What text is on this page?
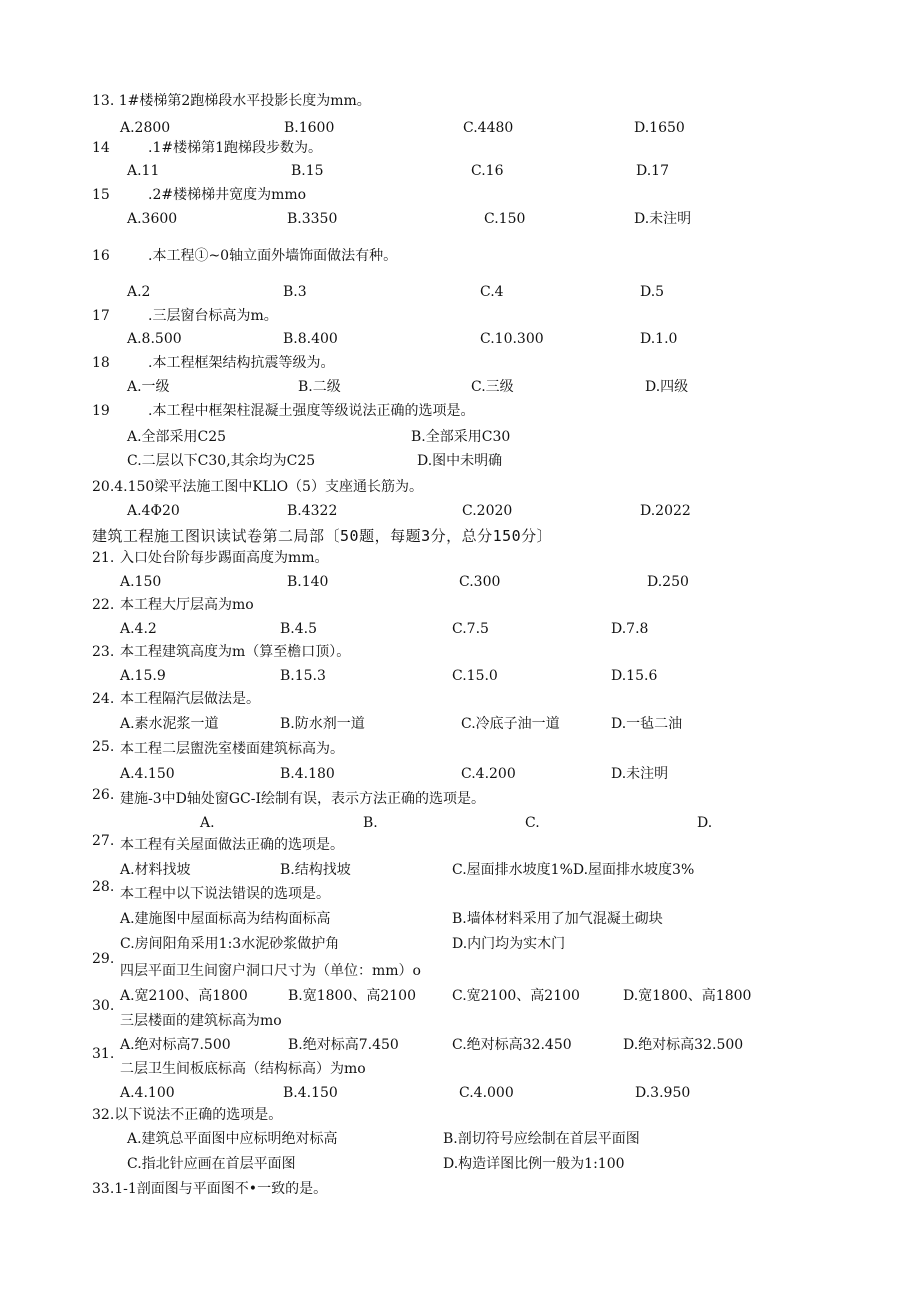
13. 1#楼梯第2跑梯段水平投影长度为mm。
A.2800	B.1600	C.4480	D.1650
14	.1#楼梯第1跑梯段步数为。
A.11	B.15	C.16	D.17
15	.2#楼梯梯井宽度为mmo
A.3600	B.3350	C.150	D.未注明
16	.本工程①~0轴立面外墙饰面做法有种。
A.2	B.3	C.4	D.5
17	.三层窗台标高为m。
A.8.500	B.8.400	C.10.300	D.1.0
18	.本工程框架结构抗震等级为。
A.一级	B.二级	C.三级	D.四级
19	.本工程中框架柱混凝土强度等级说法正确的选项是。
A.全部采用C25	B.全部采用C30
C.二层以下C30,其余均为C25	D.图中未明确
20.4.150梁平法施工图中KLlO（5）支座通长筋为。
A.4Φ20	B.4322	C.2020	D.2022
建筑工程施工图识读试卷第二局部〔50题，每题3分，总分150分〕
21. 入口处台阶每步踢面高度为mm。
A.150	B.140	C.300	D.250
22. 本工程大厅层高为mo
A.4.2	B.4.5	C.7.5	D.7.8
23. 本工程建筑高度为m（算至檐口顶）。
A.15.9	B.15.3	C.15.0	D.15.6
24. 本工程隔汽层做法是。
A.素水泥浆一道	B.防水剂一道	C.冷底子油一道	D.一毡二油
25. 本工程二层盥洗室楼面建筑标高为。
A.4.150	B.4.180	C.4.200	D.未注明
26. 建施-3中D轴处窗GC-I绘制有误，表示方法正确的选项是。
A.	B.	C.	D.
27. 本工程有关屋面做法正确的选项是。
A.材料找坡	B.结构找坡	C.屋面排水坡度1%D.屋面排水坡度3%
28. 本工程中以下说法错误的选项是。
A.建施图中屋面标高为结构面标高	B.墙体材料采用了加气混凝土砌块
C.房间阳角采用1:3水泥砂浆做护角	D.内门均为实木门
29.
四层平面卫生间窗户洞口尺寸为（单位：mm）o
A.宽2100、高1800	B.宽1800、高2100	C.宽2100、高2100	D.宽1800、高1800
30.
三层楼面的建筑标高为mo
A.绝对标高7.500	B.绝对标高7.450	C.绝对标高32.450	D.绝对标高32.500
31.
二层卫生间板底标高（结构标高）为mo
A.4.100	B.4.150	C.4.000	D.3.950
32.以下说法不正确的选项是。
A.建筑总平面图中应标明绝对标高	B.剖切符号应绘制在首层平面图
C.指北针应画在首层平面图	D.构造详图比例一般为1:100
33.1-1剖面图与平面图不•一致的是。
